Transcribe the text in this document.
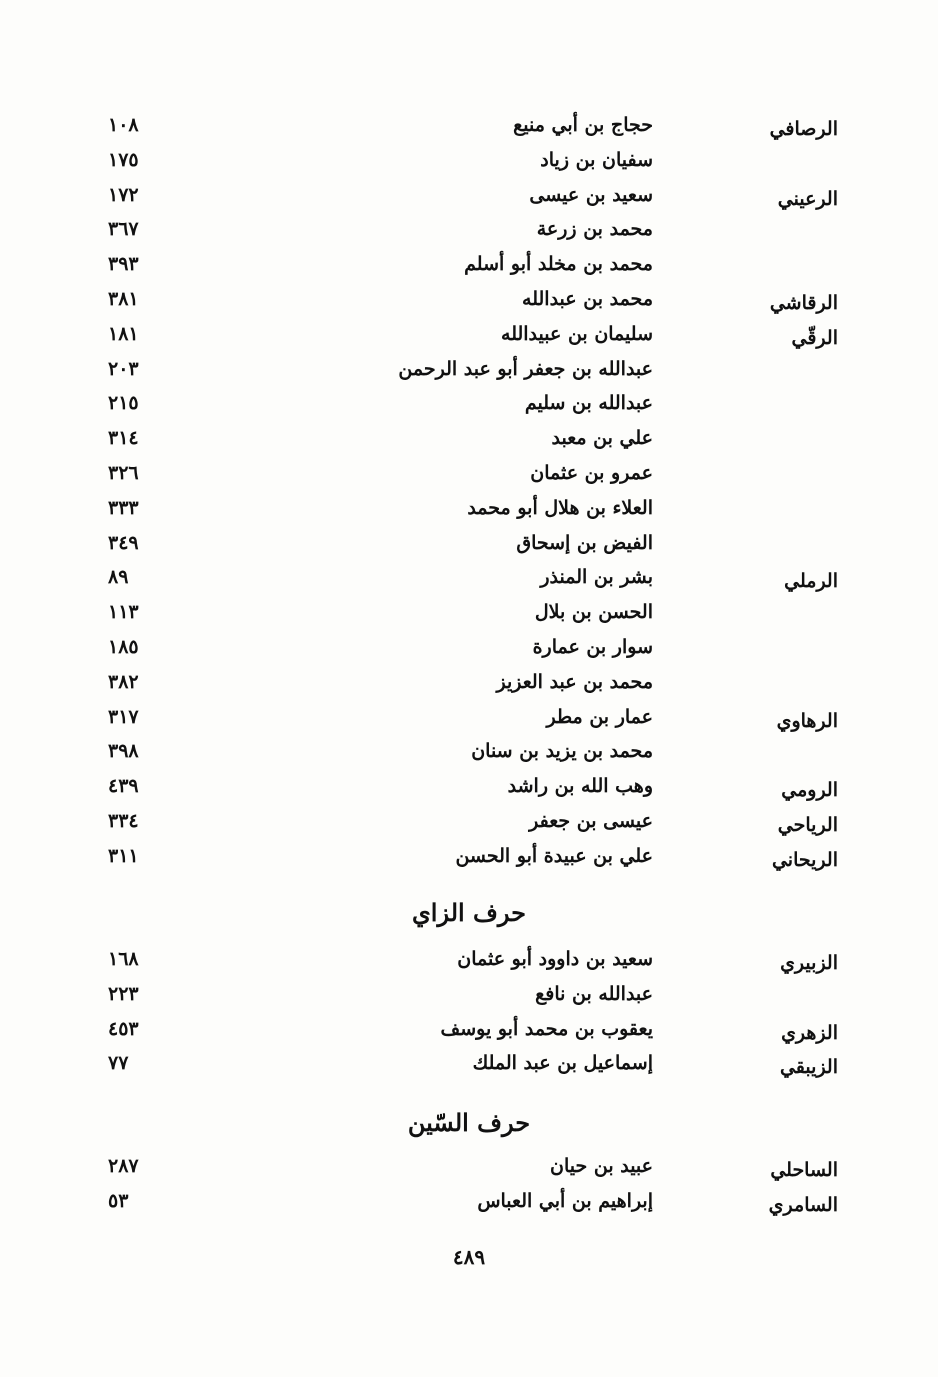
الرصافي
حجاج بن أبي منيع
١٠٨
سفيان بن زياد
١٧٥
الرعيني
سعيد بن عيسى
١٧٢
محمد بن زرعة
٣٦٧
محمد بن مخلد أبو أسلم
٣٩٣
الرقاشي
محمد بن عبدالله
٣٨١
الرقّي
سليمان بن عبيدالله
١٨١
عبدالله بن جعفر أبو عبد الرحمن
٢٠٣
عبدالله بن سليم
٢١٥
علي بن معبد
٣١٤
عمرو بن عثمان
٣٢٦
العلاء بن هلال أبو محمد
٣٣٣
الفيض بن إسحاق
٣٤٩
الرملي
بشر بن المنذر
٨٩
الحسن بن بلال
١١٣
سوار بن عمارة
١٨٥
محمد بن عبد العزيز
٣٨٢
الرهاوي
عمار بن مطر
٣١٧
محمد بن يزيد بن سنان
٣٩٨
الرومي
وهب الله بن راشد
٤٣٩
الرياحي
عيسى بن جعفر
٣٣٤
الريحاني
علي بن عبيدة أبو الحسن
٣١١
حرف الزاي
الزبيري
سعيد بن داوود أبو عثمان
١٦٨
عبدالله بن نافع
٢٢٣
الزهري
يعقوب بن محمد أبو يوسف
٤٥٣
الزيبقي
إسماعيل بن عبد الملك
٧٧
حرف السّين
الساحلي
عبيد بن حيان
٢٨٧
السامري
إبراهيم بن أبي العباس
٥٣
٤٨٩
